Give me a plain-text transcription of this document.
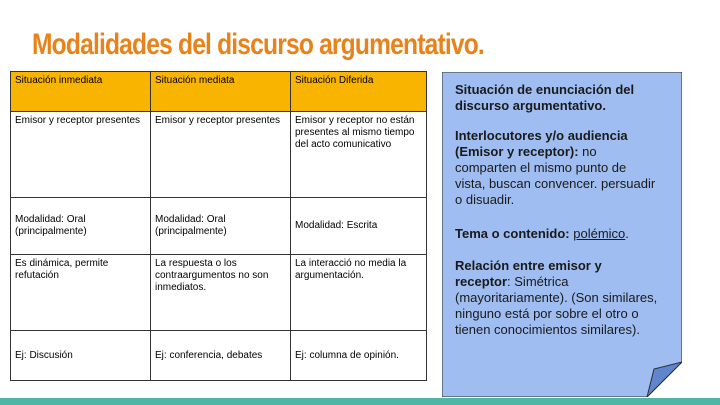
Modalidades del discurso argumentativo.
Situación inmediata	Situación mediata	Situación Diferida
Emisor y receptor presentes	Emisor y receptor presentes	Emisor y receptor no están presentes al mismo tiempo del acto comunicativo
Modalidad: Oral (principalmente)	Modalidad: Oral (principalmente)	Modalidad: Escrita
Es dinámica, permite refutación	La respuesta o los contraargumentos no son inmediatos.	La interacció no media la argumentación.
Ej: Discusión	Ej: conferencia, debates	Ej: columna de opinión.

Situación de enunciación del discurso argumentativo.

Interlocutores y/o audiencia (Emisor y receptor): no comparten el mismo punto de vista, buscan convencer. persuadir o disuadir.

Tema o contenido: polémico.

Relación entre emisor y receptor: Simétrica (mayoritariamente). (Son similares, ninguno está por sobre el otro o tienen conocimientos similares).
